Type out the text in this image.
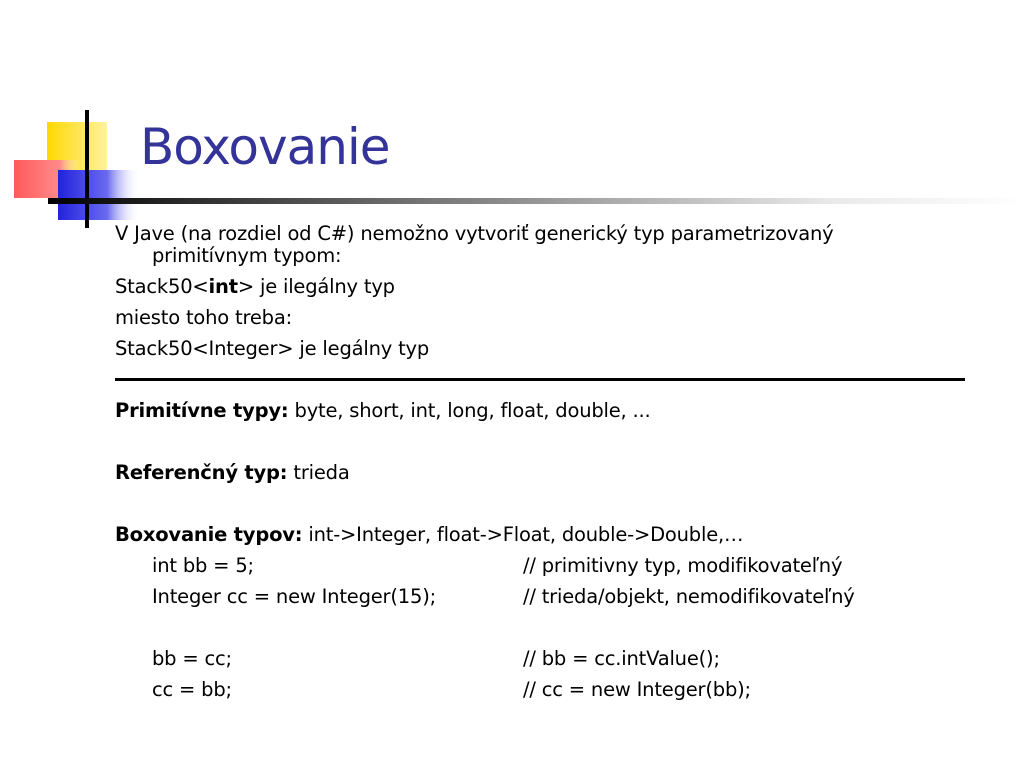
Boxovanie
V Jave (na rozdiel od C#) nemožno vytvoriť generický typ parametrizovaný
primitívnym typom:
Stack50<int> je ilegálny typ
miesto toho treba:
Stack50<Integer> je legálny typ
Primitívne typy: byte, short, int, long, float, double, ...
Referenčný typ: trieda
Boxovanie typov: int->Integer, float->Float, double->Double,…
int bb = 5;	// primitivny typ, modifikovateľný
Integer cc = new Integer(15);	// trieda/objekt, nemodifikovateľný
bb = cc;	// bb = cc.intValue();
cc = bb;	// cc = new Integer(bb);
